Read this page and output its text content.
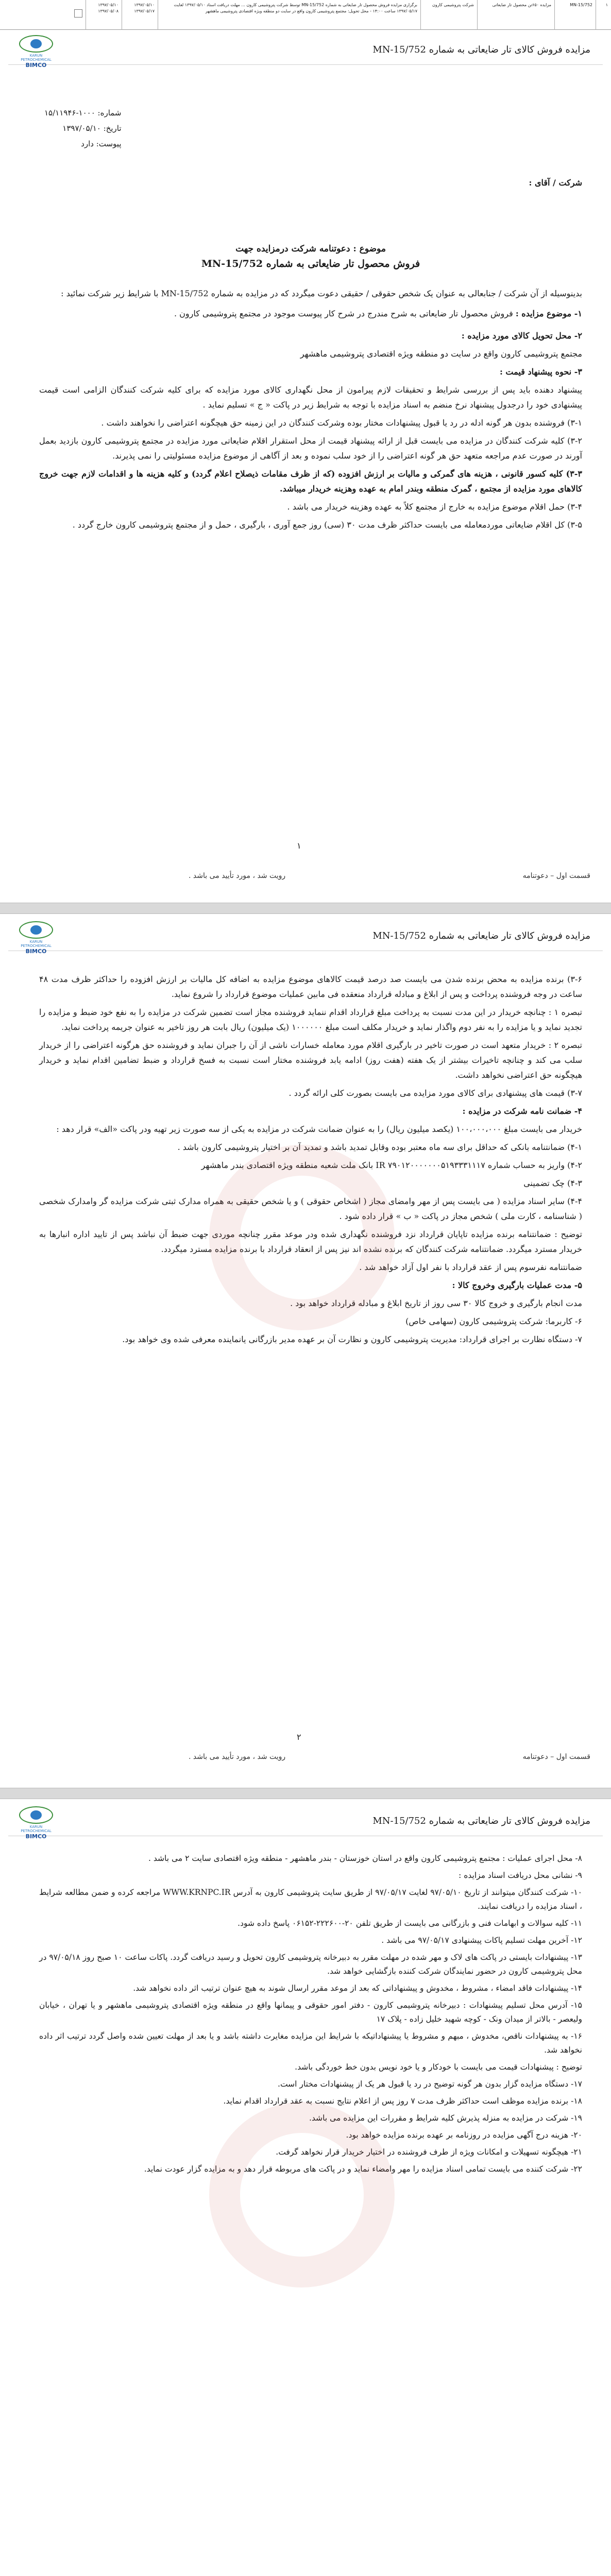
۱
MN-15/752
مزایده ۶۵۰تن محصول تار ضایعاتی
شرکت پتروشیمی کارون
برگزاری مزایده فروش محصول تار ضایعاتی به شماره MN-15/752 توسط شرکت پتروشیمی کارون ... مهلت دریافت اسناد ۱۳۹۷/۰۵/۱۰ لغایت ۱۳۹۷/۰۵/۱۷ ساعت ۱۴:۰۰ - محل تحویل: مجتمع پتروشیمی کارون واقع در سایت دو منطقه ویژه اقتصادی پتروشیمی ماهشهر
۱۳۹۷/۰۵/۱۰
۱۳۹۷/۰۵/۱۷
۱۳۹۷/۰۵/۱۰
۱۳۹۷/۰۵/۰۸
KARUN PETROCHEMICAL
BIMCO
مزایده فروش کالای تار ضایعاتی به شماره MN-15/752
شماره: ۱۰۰۰-۱۵/۱۱۹۴۶
تاریخ: ۱۳۹۷/۰۵/۱۰
پیوست: دارد

شرکت / آقای :

موضوع : دعوتنامه شرکت درمزایده جهت
فروش محصول تار ضایعاتی به شماره MN-15/752

بدینوسیله از آن شرکت / جنابعالی به عنوان یک شخص حقوقی / حقیقی دعوت میگردد که در مزایده به شماره MN-15/752 با شرایط زیر شرکت نمائید :

۱- موضوع مزایده : فروش محصول تار ضایعاتی به شرح مندرج در شرح کار پیوست موجود در مجتمع پتروشیمی کارون .

۲- محل تحویل کالای مورد مزایده :

مجتمع پتروشیمی کارون واقع در سایت دو منطقه ویژه اقتصادی پتروشیمی ماهشهر

۳- نحوه پیشنهاد قیمت :

پیشنهاد دهنده باید پس از بررسی شرایط و تحقیقات لازم پیرامون از محل نگهداری کالای مورد مزایده که برای کلیه شرکت کنندگان الزامی است قیمت پیشنهادی خود را درجدول پیشنهاد نرخ منضم به اسناد مزایده با توجه به شرایط زیر در پاکت « ج » تسلیم نماید .

۳-۱) فروشنده بدون هر گونه ادله در رد یا قبول پیشنهادات مختار بوده وشرکت کنندگان در این زمینه حق هیچگونه اعتراضی را نخواهند داشت .

۳-۲) کلیه شرکت کنندگان در مزایده می بایست قبل از ارائه پیشنهاد قیمت از محل استقرار اقلام ضایعاتی مورد مزایده در مجتمع پتروشیمی کارون بازدید بعمل آورند در صورت عدم مراجعه متعهد حق هر گونه اعتراضی را از خود سلب نموده و بعد از آگاهی از موضوع مزایده مسئولیتی را نمی پذیرند.

۳-۳) کلیه کسور قانونی ، هزینه های گمرکی و مالیات بر ارزش افزوده (که از ظرف مقامات ذیصلاح اعلام گردد) و کلیه هزینه ها و اقدامات لازم جهت خروج کالاهای مورد مزایده از مجتمع ، گمرک منطقه وبندر امام به عهده وهزینه خریدار میباشد.

۳-۴) حمل اقلام موضوع مزایده به خارج از مجتمع کلاً به عهده وهزینه خریدار می باشد .

۳-۵) کل اقلام ضایعاتی موردمعامله می بایست حداکثر ظرف مدت ۳۰ (سی) روز جمع آوری ، بارگیری ، حمل و از مجتمع پتروشیمی کارون خارج گردد .

۱
قسمت اول – دعوتنامه
رویت شد ، مورد تأیید می باشد .
KARUN PETROCHEMICAL
BIMCO
مزایده فروش کالای تار ضایعاتی به شماره MN-15/752

۳-۶) برنده مزایده به محض برنده شدن می بایست صد درصد قیمت کالاهای موضوع مزایده به اضافه کل مالیات بر ارزش افزوده را حداکثر ظرف مدت ۴۸ ساعت در وجه فروشنده پرداخت و پس از ابلاغ و مبادله قرارداد منعقده فی مابین عملیات موضوع قرارداد را شروع نماید.

تبصره ۱ : چنانچه خریدار در این مدت نسبت به پرداخت مبلغ قرارداد اقدام ننماید فروشنده مجاز است تضمین شرکت در مزایده را به نفع خود ضبط و مزایده را تجدید نماید و یا مزایده را به نفر دوم واگذار نماید و خریدار مکلف است مبلغ ۱۰۰۰۰۰۰ (یک میلیون) ریال بابت هر روز تاخیر به عنوان جریمه پرداخت نماید.

تبصره ۲ : خریدار متعهد است در صورت تاخیر در بارگیری اقلام مورد معامله خسارات ناشی از آن را جبران نماید و فروشنده حق هرگونه اعتراضی را از خریدار سلب می کند و چنانچه تاخیرات بیشتر از یک هفته (هفت روز) ادامه یابد فروشنده مختار است نسبت به فسخ قرارداد و ضبط تضامین اقدام نماید و خریدار هیچگونه حق اعتراضی نخواهد داشت.

۳-۷) قیمت های پیشنهادی برای کالای مورد مزایده می بایست بصورت کلی ارائه گردد .

۴- ضمانت نامه شرکت در مزایده :

خریدار می بایست مبلغ ۱۰۰،۰۰۰،۰۰۰ (یکصد میلیون ریال) را به عنوان ضمانت شرکت در مزایده به یکی از سه صورت زیر تهیه ودر پاکت «الف» قرار دهد :

۴-۱) ضمانتنامه بانکی که حداقل برای سه ماه معتبر بوده وقابل تمدید باشد و تمدید آن بر اختیار پتروشیمی کارون باشد .

۴-۲) واریز به حساب شماره ۷۹۰۱۲۰۰۰۰۰۰۰۵۱۹۳۳۳۱۱۱۷ IR بانک ملت شعبه منطقه ویژه اقتصادی بندر ماهشهر

۴-۳) چک تضمینی

۴-۴) سایر اسناد مزایده ( می بایست پس از مهر وامضای مجاز ( اشخاص حقوقی ) و یا شخص حقیقی به همراه مدارک ثبتی شرکت مزایده گر وامدارک شخصی ( شناسنامه ، کارت ملی ) شخص مجاز در پاکت « ب » قرار داده شود .

توضیح : ضمانتنامه برنده مزایده تاپایان قرارداد نزد فروشنده نگهداری شده ودر موعد مقرر چنانچه موردی جهت ضبط آن نباشد پس از تایید اداره انبارها به خریدار مسترد میگردد. ضمانتنامه شرکت کنندگان که برنده نشده اند نیز پس از انعقاد قرارداد با برنده مزایده مسترد میگردد.

ضمانتنامه نفرسوم پس از عقد قرارداد با نفر اول آزاد خواهد شد .

۵- مدت عملیات بارگیری وخروج کالا :

مدت انجام بارگیری و خروج کالا ۳۰ سی روز از تاریخ ابلاغ و مبادله قرارداد خواهد بود .

۶- کاربرما: شرکت پتروشیمی کارون (سهامی خاص)

۷- دستگاه نظارت بر اجرای قرارداد: مدیریت پتروشیمی کارون و نظارت آن بر عهده مدیر بازرگانی یانماینده معرفی شده وی خواهد بود.

۲
قسمت اول – دعوتنامه
رویت شد ، مورد تأیید می باشد .
KARUN PETROCHEMICAL
BIMCO
مزایده فروش کالای تار ضایعاتی به شماره MN-15/752

۸- محل اجرای عملیات : مجتمع پتروشیمی کارون واقع در استان خوزستان - بندر ماهشهر - منطقه ویژه اقتصادی سایت ۲ می باشد .

۹- نشانی محل دریافت اسناد مزایده :

۱۰- شرکت کنندگان میتوانند از تاریخ ۹۷/۰۵/۱۰ لغایت ۹۷/۰۵/۱۷ از طریق سایت پتروشیمی کارون به آدرس WWW.KRNPC.IR مراجعه کرده و ضمن مطالعه شرایط ، اسناد مزایده را دریافت نمایند.

۱۱- کلیه سوالات و ابهامات فنی و بازرگانی می بایست از طریق تلفن ۲۰-۲۲۲۶۰۰-۰۶۱۵۲ پاسخ داده شود.

۱۲- آخرین مهلت تسلیم پاکات پیشنهادی ۹۷/۰۵/۱۷ می باشد .

۱۳- پیشنهادات بایستی در پاکت های لاک و مهر شده در مهلت مقرر به دبیرخانه پتروشیمی کارون تحویل و رسید دریافت گردد. پاکات ساعت ۱۰ صبح روز ۹۷/۰۵/۱۸ در محل پتروشیمی کارون در حضور نمایندگان شرکت کننده بازگشایی خواهد شد.

۱۴- پیشنهادات فاقد امضاء ، مشروط ، مخدوش و پیشنهاداتی که بعد از موعد مقرر ارسال شوند به هیچ عنوان ترتیب اثر داده نخواهد شد.

۱۵- آدرس محل تسلیم پیشنهادات : دبیرخانه پتروشیمی کارون - دفتر امور حقوقی و پیمانها واقع در منطقه ویژه اقتصادی پتروشیمی ماهشهر و یا تهران ، خیابان ولیعصر - بالاتر از میدان ونک - کوچه شهید خلیل زاده - پلاک ۱۷

۱۶- به پیشنهادات ناقص، مخدوش ، مبهم و مشروط یا پیشنهاداتیکه با شرایط این مزایده مغایرت داشته باشد و یا بعد از مهلت تعیین شده واصل گردد ترتیب اثر داده نخواهد شد.

توضیح : پیشنهادات قیمت می بایست با خودکار و یا خود نویس بدون خط خوردگی باشد.

۱۷- دستگاه مزایده گزار بدون هر گونه توضیح در رد یا قبول هر یک از پیشنهادات مختار است.

۱۸- برنده مزایده موظف است حداکثر ظرف مدت ۷ روز پس از اعلام نتایج نسبت به عقد قرارداد اقدام نماید.

۱۹- شرکت در مزایده به منزله پذیرش کلیه شرایط و مقررات این مزایده می باشد.

۲۰- هزینه درج آگهی مزایده در روزنامه بر عهده برنده مزایده خواهد بود.

۲۱- هیچگونه تسهیلات و امکانات ویژه از طرف فروشنده در اختیار خریدار قرار نخواهد گرفت.

۲۲- شرکت کننده می بایست تمامی اسناد مزایده را مهر وامضاء نماید و در پاکت های مربوطه قرار دهد و به مزایده گزار عودت نماید.
